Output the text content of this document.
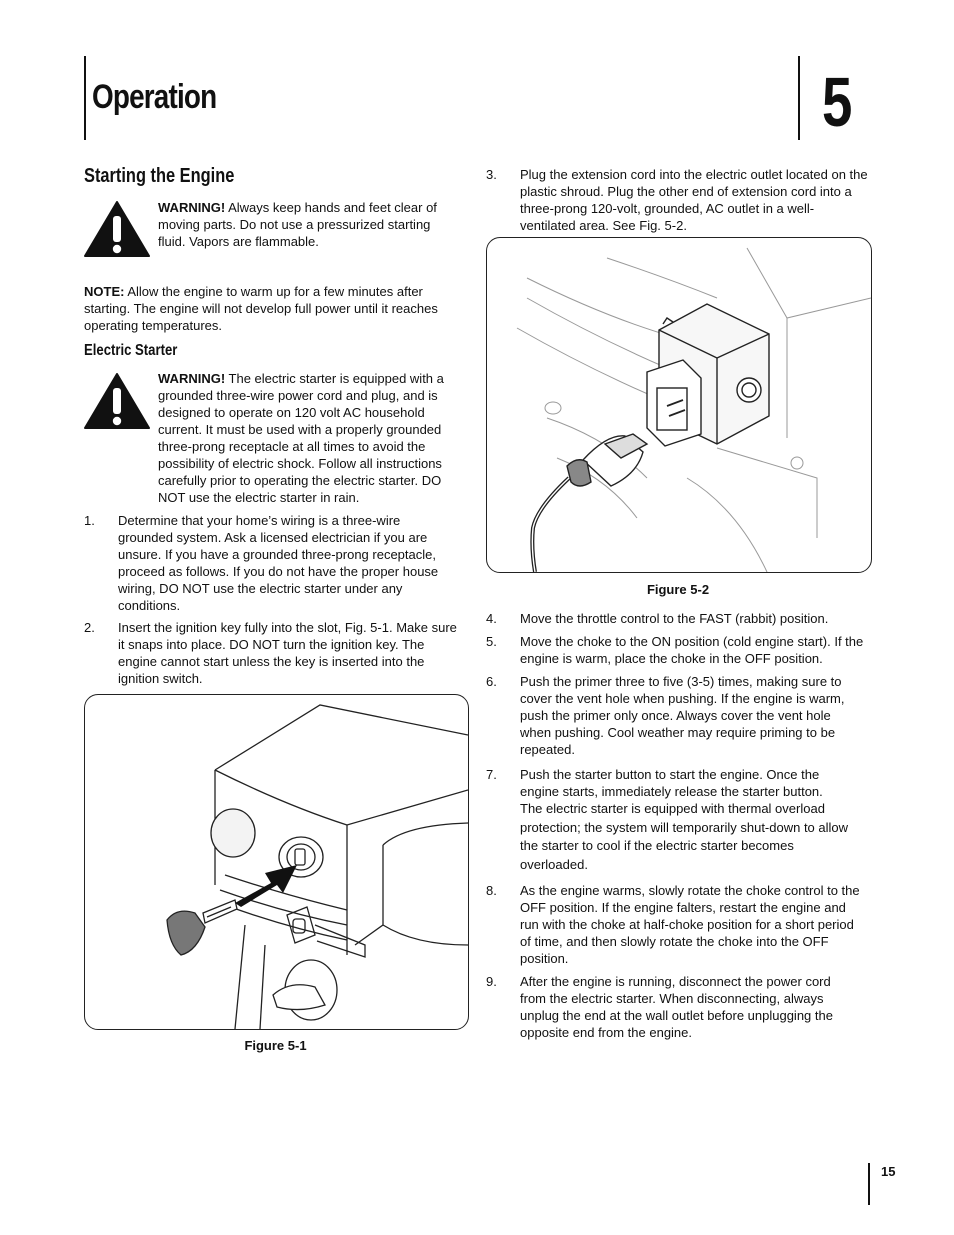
Operation	5
Starting the Engine
WARNING! Always keep hands and feet clear of moving parts. Do not use a pressurized starting fluid. Vapors are flammable.
NOTE: Allow the engine to warm up for a few minutes after starting. The engine will not develop full power until it reaches operating temperatures.
Electric Starter
WARNING! The electric starter is equipped with a grounded three-wire power cord and plug, and is designed to operate on 120 volt AC household current. It must be used with a properly grounded three-prong receptacle at all times to avoid the possibility of electric shock. Follow all instructions carefully prior to operating the electric starter. DO NOT use the electric starter in rain.
1.	Determine that your home’s wiring is a three-wire grounded system. Ask a licensed electrician if you are unsure. If you have a grounded three-prong receptacle, proceed as follows. If you do not have the proper house wiring, DO NOT use the electric starter under any conditions.
2.	Insert the ignition key fully into the slot, Fig. 5-1. Make sure it snaps into place. DO NOT turn the ignition key. The engine cannot start unless the key is inserted into the ignition switch.
Figure 5-1
3.	Plug the extension cord into the electric outlet located on the plastic shroud. Plug the other end of extension cord into a three-prong 120-volt, grounded, AC outlet in a well-ventilated area. See Fig. 5-2.
Figure 5-2
4.	Move the throttle control to the FAST (rabbit) position.
5.	Move the choke to the ON position (cold engine start). If the engine is warm, place the choke in the OFF position.
6.	Push the primer three to five (3-5) times, making sure to cover the vent hole when pushing. If the engine is warm, push the primer only once. Always cover the vent hole when pushing. Cool weather may require priming to be repeated.
7.	Push the starter button to start the engine. Once the engine starts, immediately release the starter button.
The electric starter is equipped with thermal overload protection; the system will temporarily shut-down to allow the starter to cool if the electric starter becomes overloaded.
8.	As the engine warms, slowly rotate the choke control to the OFF position. If the engine falters, restart the engine and run with the choke at half-choke position for a short period of time, and then slowly rotate the choke into the OFF position.
9.	After the engine is running, disconnect the power cord from the electric starter. When disconnecting, always unplug the end at the wall outlet before unplugging the opposite end from the engine.
15
